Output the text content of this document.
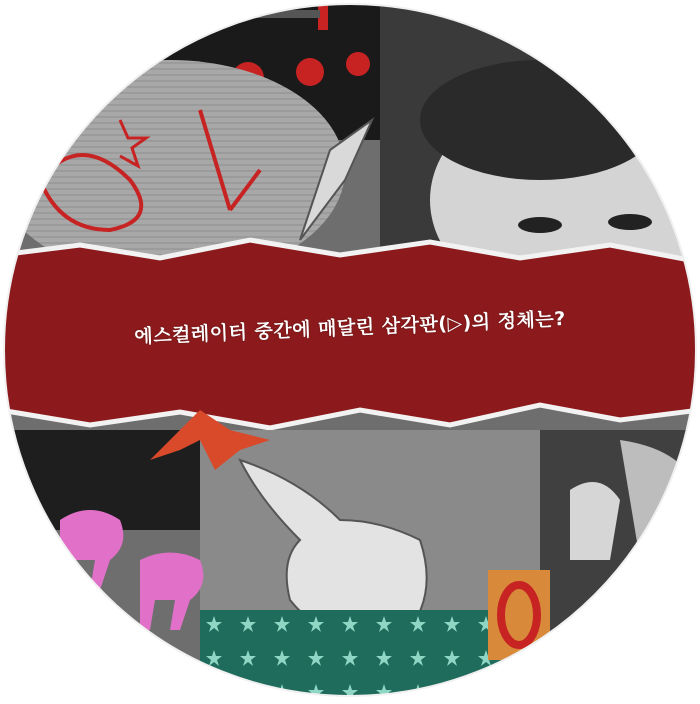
에스컬레이터 중간에 매달린 삼각판(▷)의 정체는?
